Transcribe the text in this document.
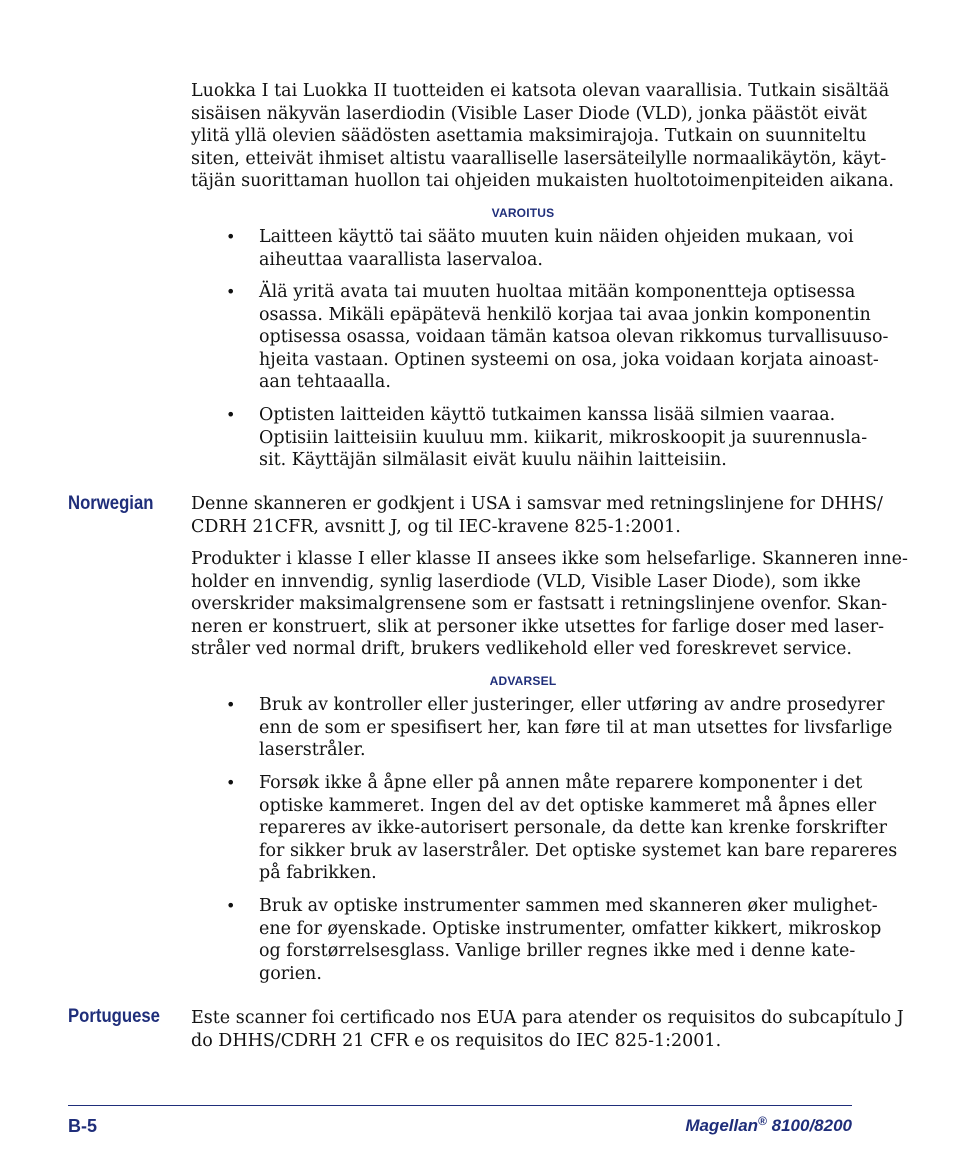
Luokka I tai Luokka II tuotteiden ei katsota olevan vaarallisia. Tutkain sisältää
sisäisen näkyvän laserdiodin (Visible Laser Diode (VLD), jonka päästöt eivät
ylitä yllä olevien säädösten asettamia maksimirajoja. Tutkain on suunniteltu
siten, etteivät ihmiset altistu vaaralliselle lasersäteilylle normaalikäytön, käyt-
täjän suorittaman huollon tai ohjeiden mukaisten huoltotoimenpiteiden aikana.

VAROITUS
•	Laitteen käyttö tai sääto muuten kuin näiden ohjeiden mukaan, voi
aiheuttaa vaarallista laservaloa.

•	Älä yritä avata tai muuten huoltaa mitään komponentteja optisessa
osassa. Mikäli epäpätevä henkilö korjaa tai avaa jonkin komponentin
optisessa osassa, voidaan tämän katsoa olevan rikkomus turvallisuuso-
hjeita vastaan. Optinen systeemi on osa, joka voidaan korjata ainoast-
aan tehtaaalla.

•	Optisten laitteiden käyttö tutkaimen kanssa lisää silmien vaaraa.
Optisiin laitteisiin kuuluu mm. kiikarit, mikroskoopit ja suurennusla-
sit. Käyttäjän silmälasit eivät kuulu näihin laitteisiin.

Norwegian Denne skanneren er godkjent i USA i samsvar med retningslinjene for DHHS/
CDRH 21CFR, avsnitt J, og til IEC-kravene 825-1:2001.

Produkter i klasse I eller klasse II ansees ikke som helsefarlige. Skanneren inne-
holder en innvendig, synlig laserdiode (VLD, Visible Laser Diode), som ikke
overskrider maksimalgrensene som er fastsatt i retningslinjene ovenfor. Skan-
neren er konstruert, slik at personer ikke utsettes for farlige doser med laser-
stråler ved normal drift, brukers vedlikehold eller ved foreskrevet service.

ADVARSEL
•	Bruk av kontroller eller justeringer, eller utføring av andre prosedyrer
enn de som er spesifisert her, kan føre til at man utsettes for livsfarlige
laserstråler.

•	Forsøk ikke å åpne eller på annen måte reparere komponenter i det
optiske kammeret. Ingen del av det optiske kammeret må åpnes eller
repareres av ikke-autorisert personale, da dette kan krenke forskrifter
for sikker bruk av laserstråler. Det optiske systemet kan bare repareres
på fabrikken.

•	Bruk av optiske instrumenter sammen med skanneren øker mulighet-
ene for øyenskade. Optiske instrumenter, omfatter kikkert, mikroskop
og forstørrelsesglass. Vanlige briller regnes ikke med i denne kate-
gorien.

Portuguese Este scanner foi certificado nos EUA para atender os requisitos do subcapítulo J
do DHHS/CDRH 21 CFR e os requisitos do IEC 825-1:2001.

B-5	Magellan® 8100/8200
